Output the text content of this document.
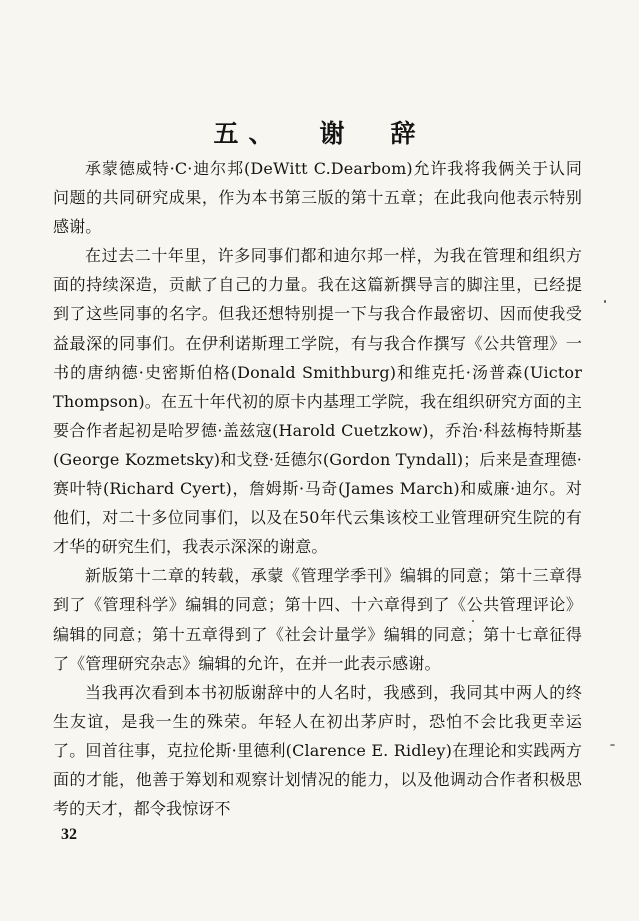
五、 谢 辞

承蒙德威特·C·迪尔邦(DeWitt C.Dearbom)允许我将我俩关于认同问题的共同研究成果，作为本书第三版的第十五章；在此我向他表示特别感谢。

在过去二十年里，许多同事们都和迪尔邦一样，为我在管理和组织方面的持续深造，贡献了自己的力量。我在这篇新撰导言的脚注里，已经提到了这些同事的名字。但我还想特别提一下与我合作最密切、因而使我受益最深的同事们。在伊利诺斯理工学院，有与我合作撰写《公共管理》一书的唐纳德·史密斯伯格(Donald Smithburg)和维克托·汤普森(Uictor Thompson)。在五十年代初的原卡内基理工学院，我在组织研究方面的主要合作者起初是哈罗德·盖兹寇(Harold Cuetzkow)，乔治·科兹梅特斯基(George Kozmetsky)和戈登·廷德尔(Gordon Tyndall)；后来是查理德·赛叶特(Richard Cyert)，詹姆斯·马奇(James March)和威廉·迪尔。对他们，对二十多位同事们，以及在50年代云集该校工业管理研究生院的有才华的研究生们，我表示深深的谢意。

新版第十二章的转载，承蒙《管理学季刊》编辑的同意；第十三章得到了《管理科学》编辑的同意；第十四、十六章得到了《公共管理评论》编辑的同意；第十五章得到了《社会计量学》编辑的同意；第十七章征得了《管理研究杂志》编辑的允许，在并一此表示感谢。

当我再次看到本书初版谢辞中的人名时，我感到，我同其中两人的终生友谊，是我一生的殊荣。年轻人在初出茅庐时，恐怕不会比我更幸运了。回首往事，克拉伦斯·里德利(Clarence E. Ridley)在理论和实践两方面的才能，他善于筹划和观察计划情况的能力，以及他调动合作者积极思考的天才，都令我惊讶不

32
